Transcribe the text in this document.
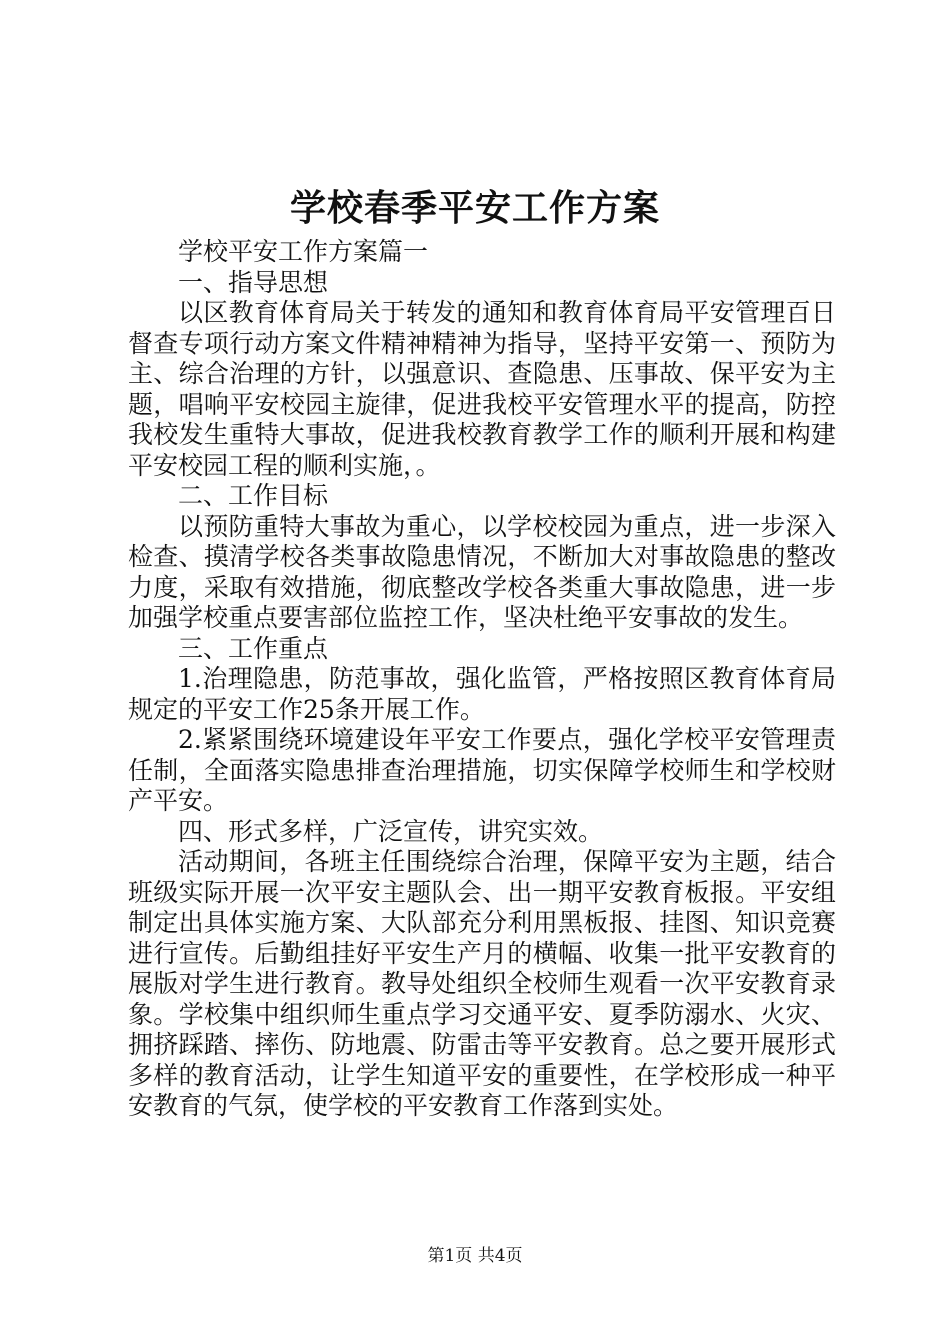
学校春季平安工作方案

学校平安工作方案篇一

一、指导思想

以区教育体育局关于转发的通知和教育体育局平安管理百日督查专项行动方案文件精神精神为指导，坚持平安第一、预防为主、综合治理的方针，以强意识、查隐患、压事故、保平安为主题，唱响平安校园主旋律，促进我校平安管理水平的提高，防控我校发生重特大事故，促进我校教育教学工作的顺利开展和构建平安校园工程的顺利实施，。

二、工作目标

以预防重特大事故为重心，以学校校园为重点，进一步深入检查、摸清学校各类事故隐患情况，不断加大对事故隐患的整改力度，采取有效措施，彻底整改学校各类重大事故隐患，进一步加强学校重点要害部位监控工作，坚决杜绝平安事故的发生。

三、工作重点

1.治理隐患，防范事故，强化监管，严格按照区教育体育局规定的平安工作25条开展工作。

2.紧紧围绕环境建设年平安工作要点，强化学校平安管理责任制，全面落实隐患排查治理措施，切实保障学校师生和学校财产平安。

四、形式多样，广泛宣传，讲究实效。

活动期间，各班主任围绕综合治理，保障平安为主题，结合班级实际开展一次平安主题队会、出一期平安教育板报。平安组制定出具体实施方案、大队部充分利用黑板报、挂图、知识竞赛进行宣传。后勤组挂好平安生产月的横幅、收集一批平安教育的展版对学生进行教育。教导处组织全校师生观看一次平安教育录象。学校集中组织师生重点学习交通平安、夏季防溺水、火灾、拥挤踩踏、摔伤、防地震、防雷击等平安教育。总之要开展形式多样的教育活动，让学生知道平安的重要性，在学校形成一种平安教育的气氛，使学校的平安教育工作落到实处。

第1页 共4页
